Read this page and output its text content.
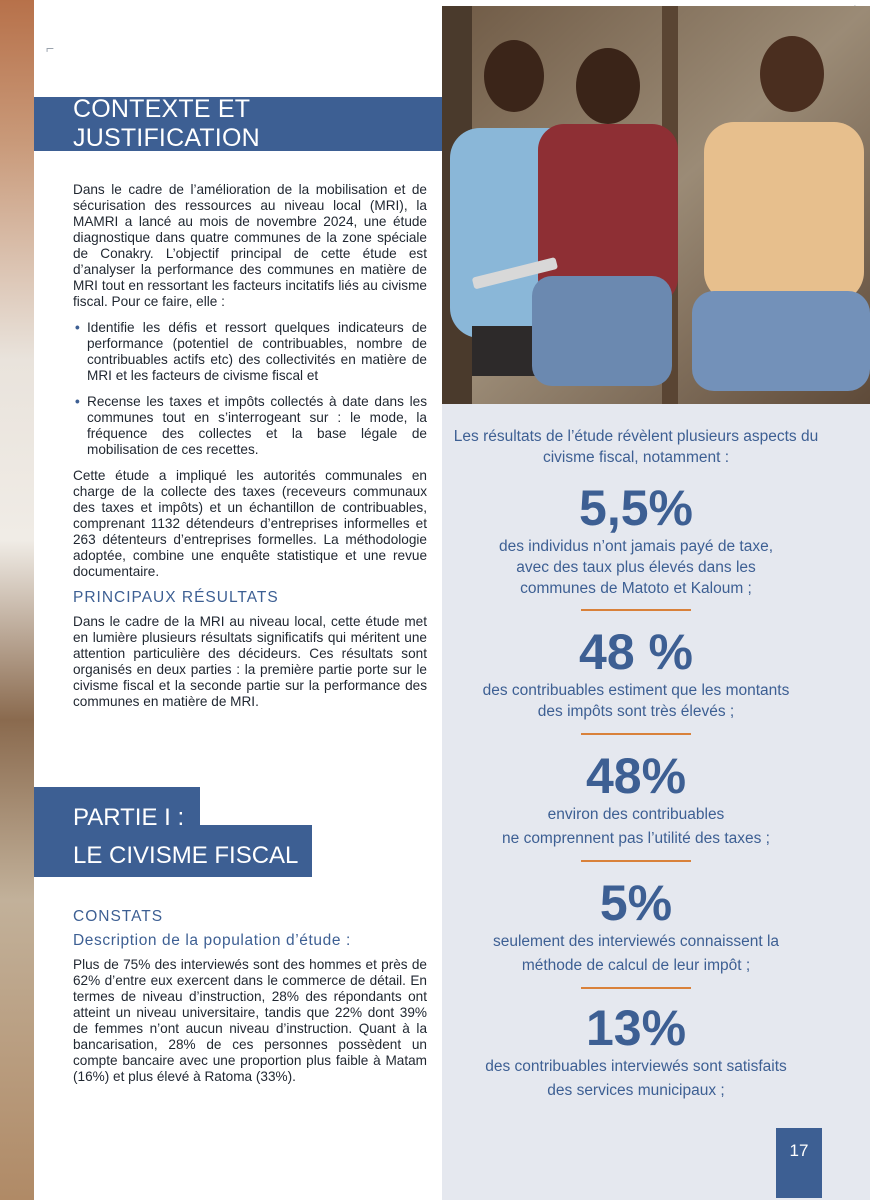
⌐
CONTEXTE ET JUSTIFICATION

Dans le cadre de l’amélioration de la mobilisation et de sécurisation des ressources au niveau local (MRI), la MAMRI a lancé au mois de novembre 2024, une étude diagnostique dans quatre communes de la zone spéciale de Conakry. L’objectif principal de cette étude est d’analyser la performance des communes en matière de MRI tout en ressortant les facteurs incitatifs liés au civisme fiscal. Pour ce faire, elle :

• Identifie les défis et ressort quelques indicateurs de performance (potentiel de contribuables, nombre de contribuables actifs etc) des collectivités en matière de MRI et les facteurs de civisme fiscal et
• Recense les taxes et impôts collectés à date dans les communes tout en s’interrogeant sur : le mode, la fréquence des collectes et la base légale de mobilisation de ces recettes.

Cette étude a impliqué les autorités communales en charge de la collecte des taxes (receveurs communaux des taxes et impôts) et un échantillon de contribuables, comprenant 1132 détendeurs d’entreprises informelles et 263 détenteurs d’entreprises formelles. La méthodologie adoptée, combine une enquête statistique et une revue documentaire.

PRINCIPAUX RÉSULTATS

Dans le cadre de la MRI au niveau local, cette étude met en lumière plusieurs résultats significatifs qui méritent une attention particulière des décideurs. Ces résultats sont organisés en deux parties : la première partie porte sur le civisme fiscal et la seconde partie sur la performance des communes en matière de MRI.

PARTIE I :
LE CIVISME FISCAL
CONSTATS
Description de la population d’étude :

Plus de 75% des interviewés sont des hommes et près de 62% d’entre eux exercent dans le commerce de détail. En termes de niveau d’instruction, 28% des répondants ont atteint un niveau universitaire, tandis que 22% dont 39% de femmes n’ont aucun niveau d’instruction. Quant à la bancarisation, 28% de ces personnes possèdent un compte bancaire avec une proportion plus faible à Matam (16%) et plus élevé à Ratoma (33%).

Les résultats de l’étude révèlent plusieurs aspects du civisme fiscal, notamment :
5,5%
des individus n’ont jamais payé de taxe,
avec des taux plus élevés dans les
communes de Matoto et Kaloum ;
48 %
des contribuables estiment que les montants
des impôts sont très élevés ;
48%
environ des contribuables
ne comprennent pas l’utilité des taxes ;
5%
seulement des interviewés connaissent la
méthode de calcul de leur impôt ;
13%
des contribuables interviewés sont satisfaits
des services municipaux ;
17
